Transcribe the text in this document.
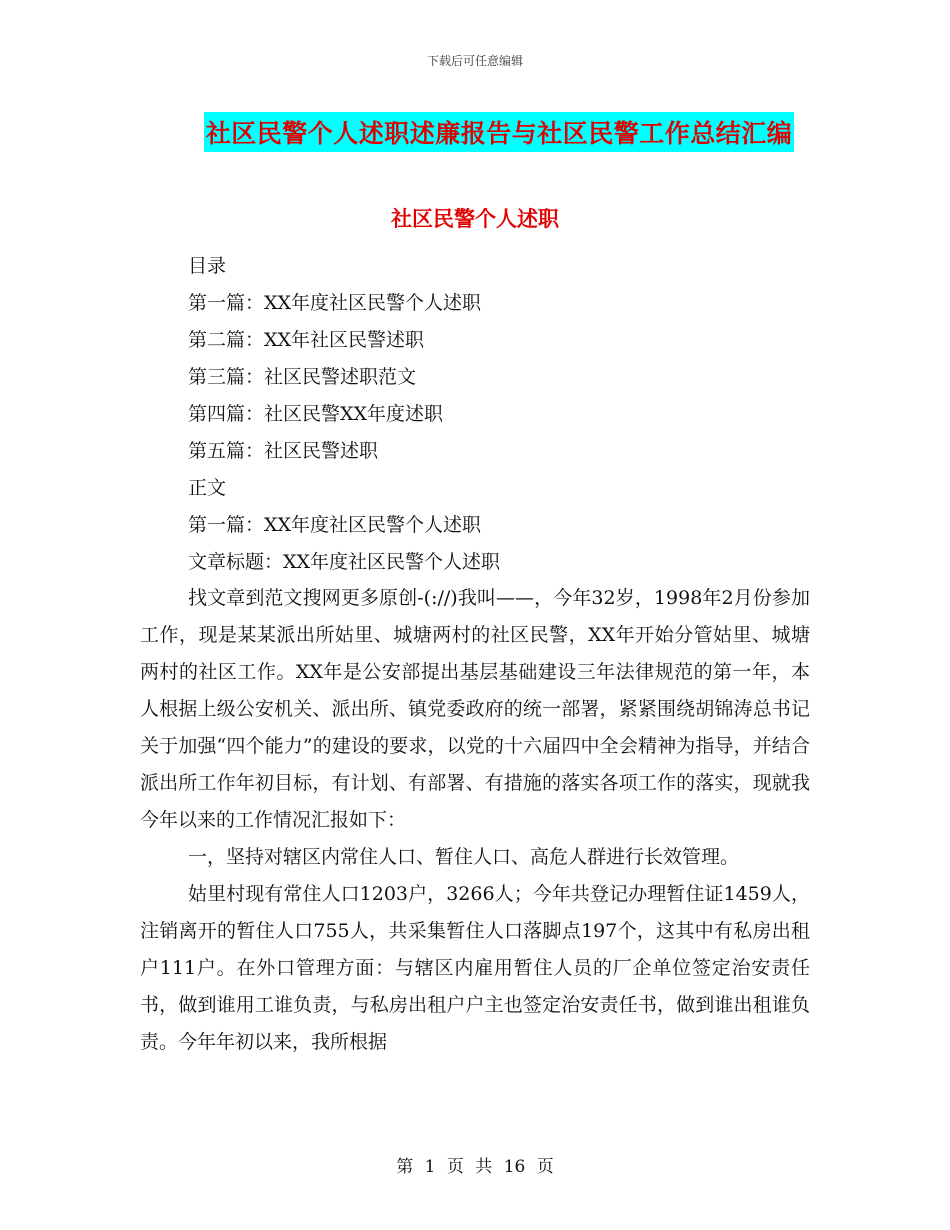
下载后可任意编辑
社区民警个人述职述廉报告与社区民警工作总结汇编
社区民警个人述职
目录
第一篇：XX年度社区民警个人述职
第二篇：XX年社区民警述职
第三篇：社区民警述职范文
第四篇：社区民警XX年度述职
第五篇：社区民警述职
正文
第一篇：XX年度社区民警个人述职
文章标题：XX年度社区民警个人述职

找文章到范文搜网更多原创-(://)我叫——，今年32岁，1998年2月份参加工作，现是某某派出所姑里、城塘两村的社区民警，XX年开始分管姑里、城塘两村的社区工作。XX年是公安部提出基层基础建设三年法律规范的第一年，本人根据上级公安机关、派出所、镇党委政府的统一部署，紧紧围绕胡锦涛总书记关于加强“四个能力”的建设的要求，以党的十六届四中全会精神为指导，并结合派出所工作年初目标，有计划、有部署、有措施的落实各项工作的落实，现就我今年以来的工作情况汇报如下：

一，坚持对辖区内常住人口、暂住人口、高危人群进行长效管理。

姑里村现有常住人口1203户，3266人；今年共登记办理暂住证1459人，注销离开的暂住人口755人，共采集暂住人口落脚点197个，这其中有私房出租户111户。在外口管理方面：与辖区内雇用暂住人员的厂企单位签定治安责任书，做到谁用工谁负责，与私房出租户户主也签定治安责任书，做到谁出租谁负责。今年年初以来，我所根据

第 1 页 共 16 页
